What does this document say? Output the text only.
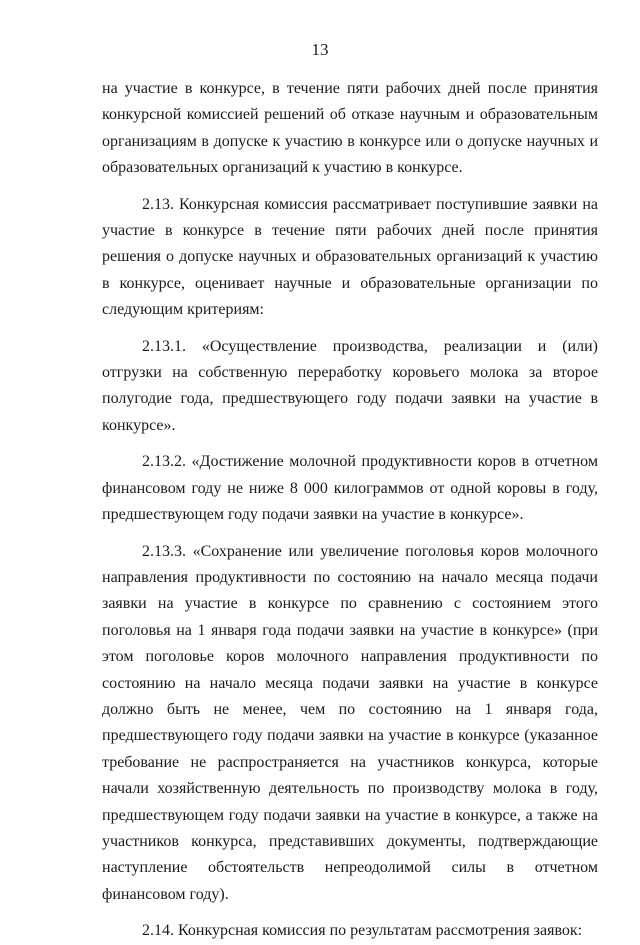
13

на участие в конкурсе, в течение пяти рабочих дней после принятия конкурсной комиссией решений об отказе научным и образовательным организациям в допуске к участию в конкурсе или о допуске научных и образовательных организаций к участию в конкурсе.

2.13. Конкурсная комиссия рассматривает поступившие заявки на участие в конкурсе в течение пяти рабочих дней после принятия решения о допуске научных и образовательных организаций к участию в конкурсе, оценивает научные и образовательные организации по следующим критериям:

2.13.1. «Осуществление производства, реализации и (или) отгрузки на собственную переработку коровьего молока за второе полугодие года, предшествующего году подачи заявки на участие в конкурсе».

2.13.2. «Достижение молочной продуктивности коров в отчетном финансовом году не ниже 8 000 килограммов от одной коровы в году, предшествующем году подачи заявки на участие в конкурсе».

2.13.3. «Сохранение или увеличение поголовья коров молочного направления продуктивности по состоянию на начало месяца подачи заявки на участие в конкурсе по сравнению с состоянием этого поголовья на 1 января года подачи заявки на участие в конкурсе» (при этом поголовье коров молочного направления продуктивности по состоянию на начало месяца подачи заявки на участие в конкурсе должно быть не менее, чем по состоянию на 1 января года, предшествующего году подачи заявки на участие в конкурсе (указанное требование не распространяется на участников конкурса, которые начали хозяйственную деятельность по производству молока в году, предшествующем году подачи заявки на участие в конкурсе, а также на участников конкурса, представивших документы, подтверждающие наступление обстоятельств непреодолимой силы в отчетном финансовом году).

2.14. Конкурсная комиссия по результатам рассмотрения заявок:
